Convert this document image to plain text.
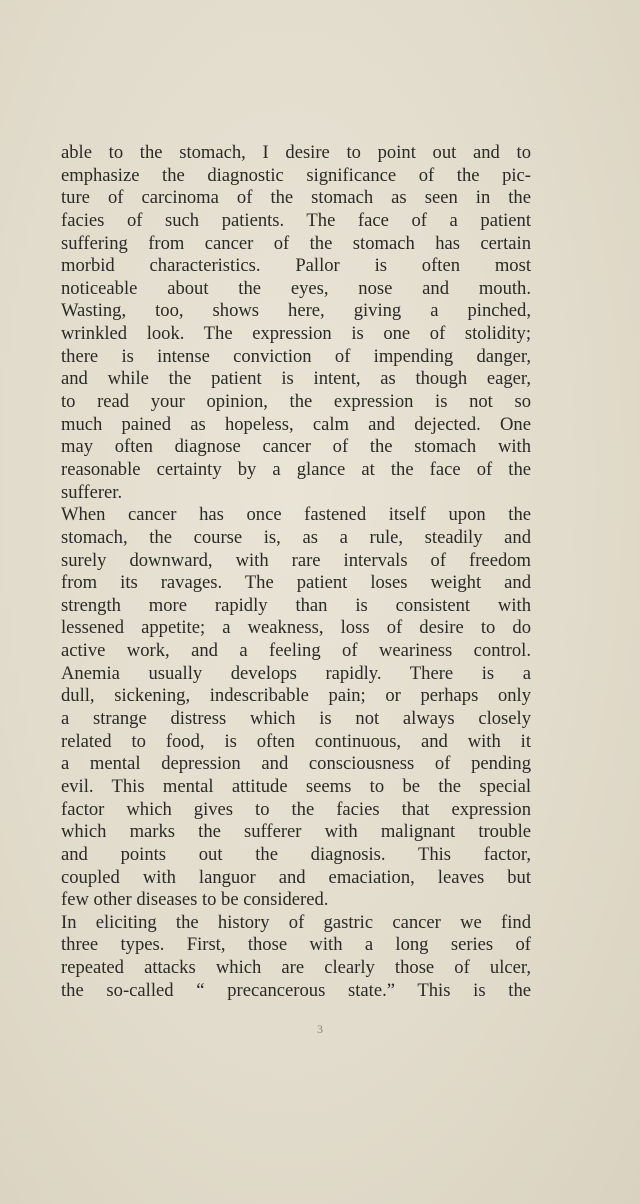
able to the stomach, I desire to point out and to
emphasize the diagnostic significance of the pic-
ture of carcinoma of the stomach as seen in the
facies of such patients. The face of a patient
suffering from cancer of the stomach has certain
morbid characteristics. Pallor is often most
noticeable about the eyes, nose and mouth.
Wasting, too, shows here, giving a pinched,
wrinkled look. The expression is one of stolidity;
there is intense conviction of impending danger,
and while the patient is intent, as though eager,
to read your opinion, the expression is not so
much pained as hopeless, calm and dejected. One
may often diagnose cancer of the stomach with
reasonable certainty by a glance at the face of the
sufferer.
When cancer has once fastened itself upon the
stomach, the course is, as a rule, steadily and
surely downward, with rare intervals of freedom
from its ravages. The patient loses weight and
strength more rapidly than is consistent with
lessened appetite; a weakness, loss of desire to do
active work, and a feeling of weariness control.
Anemia usually develops rapidly. There is a
dull, sickening, indescribable pain; or perhaps only
a strange distress which is not always closely
related to food, is often continuous, and with it
a mental depression and consciousness of pending
evil. This mental attitude seems to be the special
factor which gives to the facies that expression
which marks the sufferer with malignant trouble
and points out the diagnosis. This factor,
coupled with languor and emaciation, leaves but
few other diseases to be considered.
In eliciting the history of gastric cancer we find
three types. First, those with a long series of
repeated attacks which are clearly those of ulcer,
the so-called “ precancerous state.” This is the
3
